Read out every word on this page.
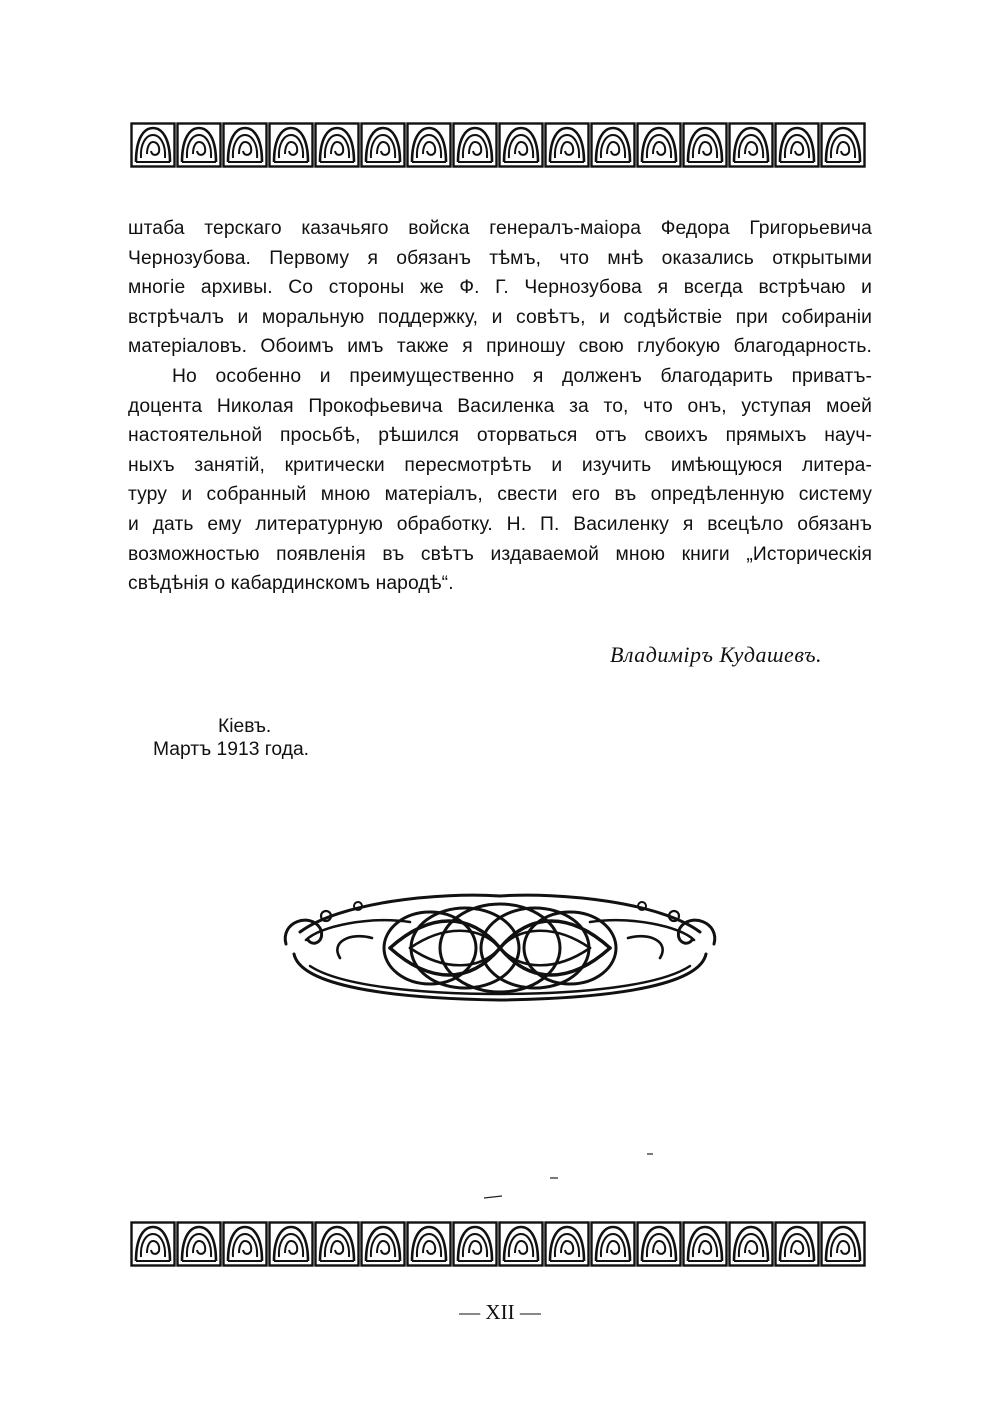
штаба терскаго казачьяго войска генералъ-маіора Федора Григорьевича
Чернозубова. Первому я обязанъ тѣмъ, что мнѣ оказались открытыми
многіе архивы. Со стороны же Ф. Г. Чернозубова я всегда встрѣчаю и
встрѣчалъ и моральную поддержку, и совѣтъ, и содѣйствіе при собираніи
матеріаловъ. Обоимъ имъ также я приношу свою глубокую благодарность.
Но особенно и преимущественно я долженъ благодарить приватъ-
доцента Николая Прокофьевича Василенка за то, что онъ, уступая моей
настоятельной просьбѣ, рѣшился оторваться отъ своихъ прямыхъ науч-
ныхъ занятій, критически пересмотрѣть и изучить имѣющуюся литера-
туру и собранный мною матеріалъ, свести его въ опредѣленную систему
и дать ему литературную обработку. Н. П. Василенку я всецѣло обязанъ
возможностью появленія въ свѣтъ издаваемой мною книги „Историческія
свѣдѣнія о кабардинскомъ народѣ“.
Владиміръ Кудашевъ.
Кіевъ.
Мартъ 1913 года.
— XII —
